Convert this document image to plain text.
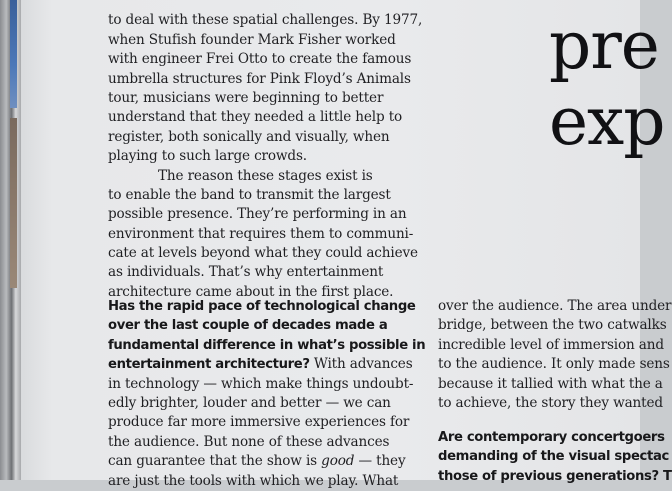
pre
exp
to deal with these spatial challenges. By 1977,
when Stufish founder Mark Fisher worked
with engineer Frei Otto to create the famous
umbrella structures for Pink Floyd’s Animals
tour, musicians were beginning to better
understand that they needed a little help to
register, both sonically and visually, when
playing to such large crowds.
The reason these stages exist is
to enable the band to transmit the largest
possible presence. They’re performing in an
environment that requires them to communi-
cate at levels beyond what they could achieve
as individuals. That’s why entertainment
architecture came about in the first place.
Has the rapid pace of technological change
over the last couple of decades made a
fundamental difference in what’s possible in
entertainment architecture? With advances
in technology — which make things undoubt-
edly brighter, louder and better — we can
produce far more immersive experiences for
the audience. But none of these advances
can guarantee that the show is good — they
are just the tools with which we play. What
over the audience. The area under
bridge, between the two catwalks
incredible level of immersion and
to the audience. It only made sens
because it tallied with what the a
to achieve, the story they wanted
Are contemporary concertgoers
demanding of the visual spectac
those of previous generations? T
